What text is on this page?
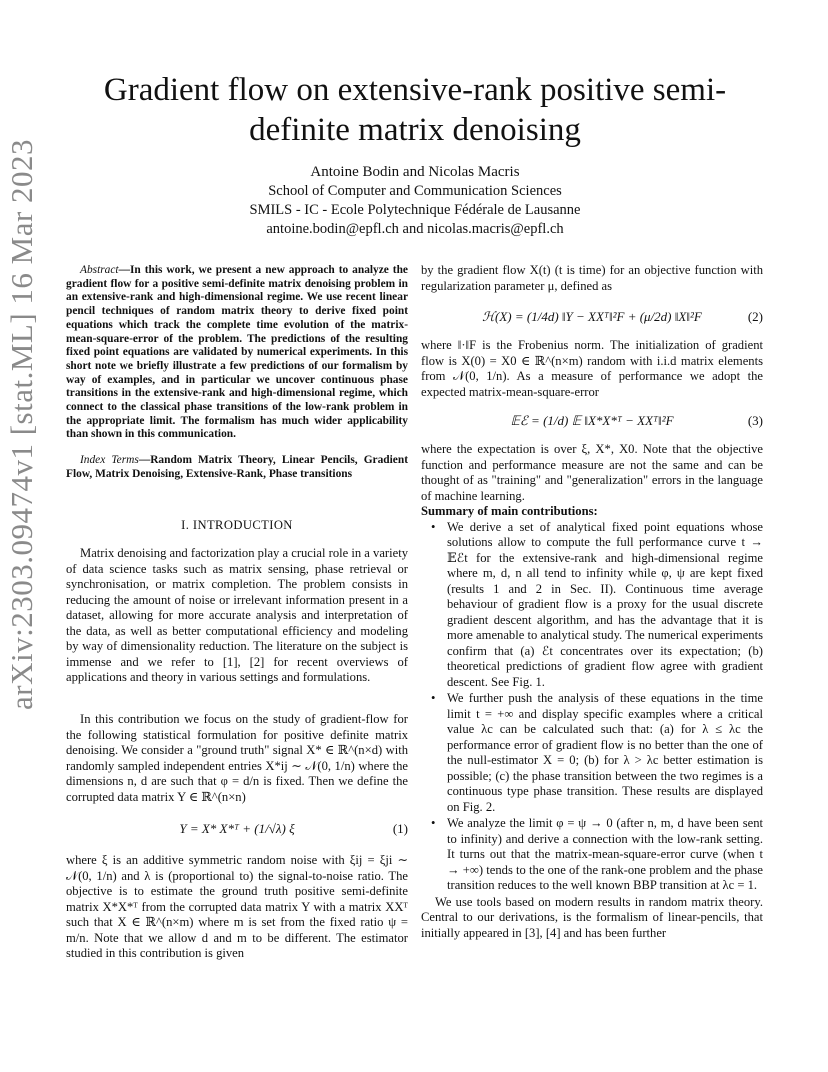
arXiv:2303.09474v1 [stat.ML] 16 Mar 2023
Gradient flow on extensive-rank positive semi-definite matrix denoising
Antoine Bodin and Nicolas Macris
School of Computer and Communication Sciences
SMILS - IC - Ecole Polytechnique Fédérale de Lausanne
antoine.bodin@epfl.ch and nicolas.macris@epfl.ch
Abstract—In this work, we present a new approach to analyze the gradient flow for a positive semi-definite matrix denoising problem in an extensive-rank and high-dimensional regime. We use recent linear pencil techniques of random matrix theory to derive fixed point equations which track the complete time evolution of the matrix-mean-square-error of the problem. The predictions of the resulting fixed point equations are validated by numerical experiments. In this short note we briefly illustrate a few predictions of our formalism by way of examples, and in particular we uncover continuous phase transitions in the extensive-rank and high-dimensional regime, which connect to the classical phase transitions of the low-rank problem in the appropriate limit. The formalism has much wider applicability than shown in this communication.
Index Terms—Random Matrix Theory, Linear Pencils, Gradient Flow, Matrix Denoising, Extensive-Rank, Phase transitions
I. INTRODUCTION
Matrix denoising and factorization play a crucial role in a variety of data science tasks such as matrix sensing, phase retrieval or synchronisation, or matrix completion. The problem consists in reducing the amount of noise or irrelevant information present in a dataset, allowing for more accurate analysis and interpretation of the data, as well as better computational efficiency and modeling by way of dimensionality reduction. The literature on the subject is immense and we refer to [1], [2] for recent overviews of applications and theory in various settings and formulations.
In this contribution we focus on the study of gradient-flow for the following statistical formulation for positive definite matrix denoising. We consider a "ground truth" signal X* ∈ ℝ^(n×d) with randomly sampled independent entries X*ij ∼ 𝒩(0, 1/n) where the dimensions n, d are such that φ = d/n is fixed. Then we define the corrupted data matrix Y ∈ ℝ^(n×n)
Y = X* X*ᵀ + (1/√λ) ξ	(1)
where ξ is an additive symmetric random noise with ξij = ξji ∼ 𝒩(0, 1/n) and λ is (proportional to) the signal-to-noise ratio. The objective is to estimate the ground truth positive semi-definite matrix X*X*ᵀ from the corrupted data matrix Y with a matrix XXᵀ such that X ∈ ℝ^(n×m) where m is set from the fixed ratio ψ = m/n. Note that we allow d and m to be different. The estimator studied in this contribution is given
by the gradient flow X(t) (t is time) for an objective function with regularization parameter μ, defined as
ℋ(X) = (1/4d) ‖Y − XXᵀ‖²F + (μ/2d) ‖X‖²F	(2)
where ‖·‖F is the Frobenius norm. The initialization of gradient flow is X(0) = X0 ∈ ℝ^(n×m) random with i.i.d matrix elements from 𝒩(0, 1/n). As a measure of performance we adopt the expected matrix-mean-square-error
𝔼ℰ = (1/d) 𝔼 ‖X*X*ᵀ − XXᵀ‖²F	(3)
where the expectation is over ξ, X*, X0. Note that the objective function and performance measure are not the same and can be thought of as "training" and "generalization" errors in the language of machine learning.
Summary of main contributions:
• We derive a set of analytical fixed point equations whose solutions allow to compute the full performance curve t → 𝔼ℰt for the extensive-rank and high-dimensional regime where m, d, n all tend to infinity while φ, ψ are kept fixed (results 1 and 2 in Sec. II). Continuous time average behaviour of gradient flow is a proxy for the usual discrete gradient descent algorithm, and has the advantage that it is more amenable to analytical study. The numerical experiments confirm that (a) ℰt concentrates over its expectation; (b) theoretical predictions of gradient flow agree with gradient descent. See Fig. 1.
• We further push the analysis of these equations in the time limit t = +∞ and display specific examples where a critical value λc can be calculated such that: (a) for λ ≤ λc the performance error of gradient flow is no better than the one of the null-estimator X = 0; (b) for λ > λc better estimation is possible; (c) the phase transition between the two regimes is a continuous type phase transition. These results are displayed on Fig. 2.
• We analyze the limit φ = ψ → 0 (after n, m, d have been sent to infinity) and derive a connection with the low-rank setting. It turns out that the matrix-mean-square-error curve (when t → +∞) tends to the one of the rank-one problem and the phase transition reduces to the well known BBP transition at λc = 1.
We use tools based on modern results in random matrix theory. Central to our derivations, is the formalism of linear-pencils, that initially appeared in [3], [4] and has been further
